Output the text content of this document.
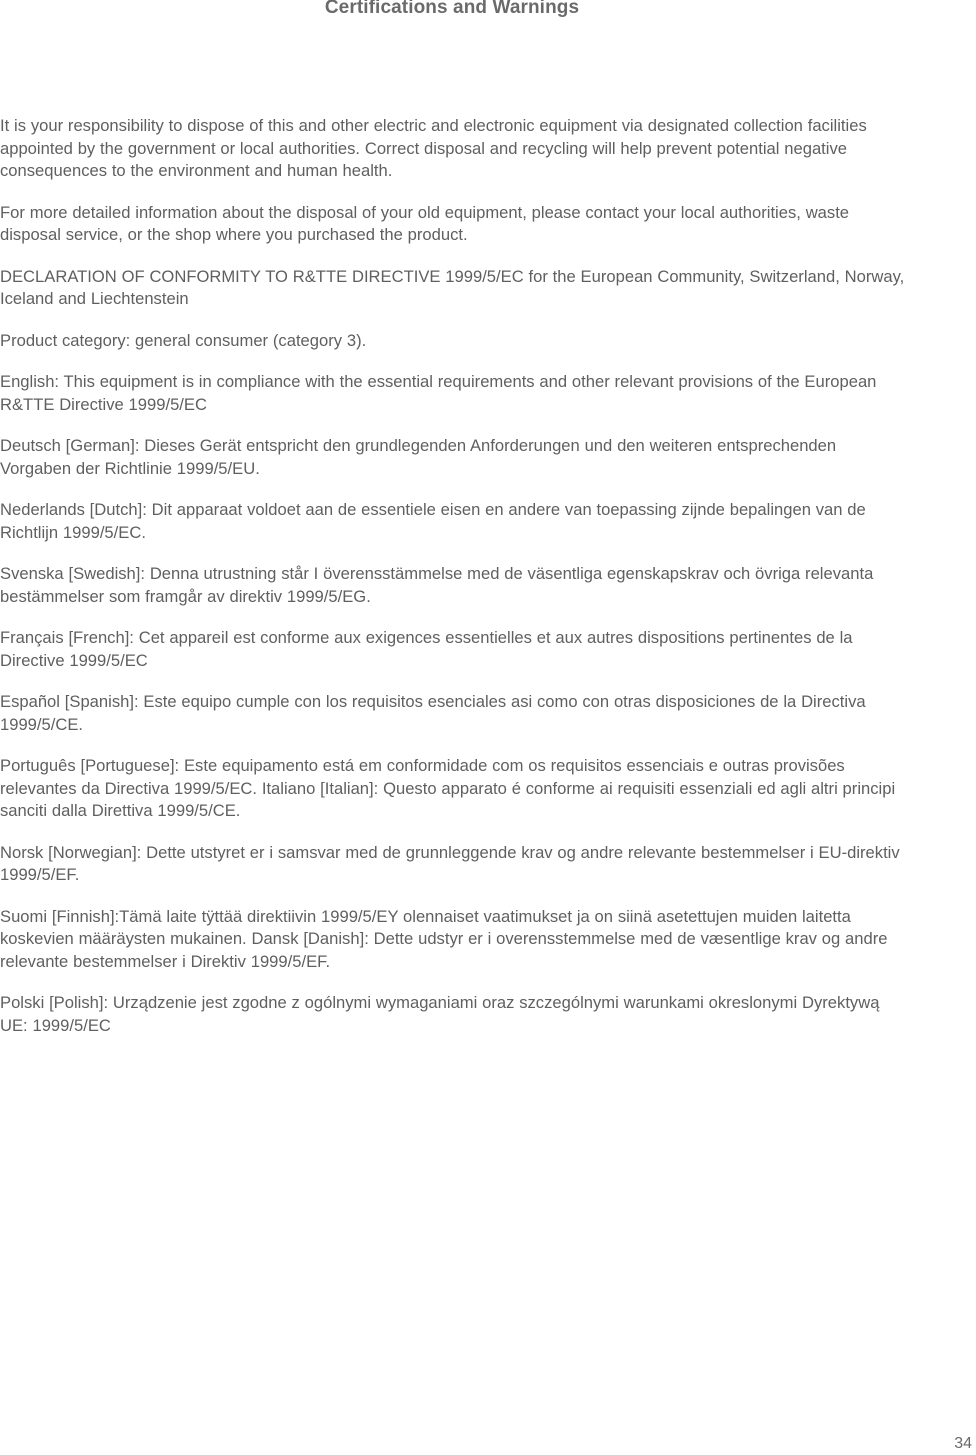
Certifications and Warnings

It is your responsibility to dispose of this and other electric and electronic equipment via designated collection facilities appointed by the government or local authorities. Correct disposal and recycling will help prevent potential negative consequences to the environment and human health.

For more detailed information about the disposal of your old equipment, please contact your local authorities, waste disposal service, or the shop where you purchased the product.

DECLARATION OF CONFORMITY TO R&TTE DIRECTIVE 1999/5/EC for the European Community, Switzerland, Norway, Iceland and Liechtenstein

Product category: general consumer (category 3).

English: This equipment is in compliance with the essential requirements and other relevant provisions of the European R&TTE Directive 1999/5/EC

Deutsch [German]: Dieses Gerät entspricht den grundlegenden Anforderungen und den weiteren entsprechenden Vorgaben der Richtlinie 1999/5/EU.

Nederlands [Dutch]: Dit apparaat voldoet aan de essentiele eisen en andere van toepassing zijnde bepalingen van de Richtlijn 1999/5/EC.

Svenska [Swedish]: Denna utrustning står I överensstämmelse med de väsentliga egenskapskrav och övriga relevanta bestämmelser som framgår av direktiv 1999/5/EG.

Français [French]: Cet appareil est conforme aux exigences essentielles et aux autres dispositions pertinentes de la Directive 1999/5/EC

Español [Spanish]: Este equipo cumple con los requisitos esenciales asi como con otras disposiciones de la Directiva 1999/5/CE.

Português [Portuguese]: Este equipamento está em conformidade com os requisitos essenciais e outras provisões relevantes da Directiva 1999/5/EC. Italiano [Italian]: Questo apparato é conforme ai requisiti essenziali ed agli altri principi sanciti dalla Direttiva 1999/5/CE.

Norsk [Norwegian]: Dette utstyret er i samsvar med de grunnleggende krav og andre relevante bestemmelser i EU-direktiv 1999/5/EF.

Suomi [Finnish]:Tämä laite tÿttää direktiivin 1999/5/EY olennaiset vaatimukset ja on siinä asetettujen muiden laitetta koskevien määräysten mukainen. Dansk [Danish]: Dette udstyr er i overensstemmelse med de væsentlige krav og andre relevante bestemmelser i Direktiv 1999/5/EF.

Polski [Polish]: Urządzenie jest zgodne z ogólnymi wymaganiami oraz szczególnymi warunkami okreslonymi Dyrektywą UE: 1999/5/EC

34
